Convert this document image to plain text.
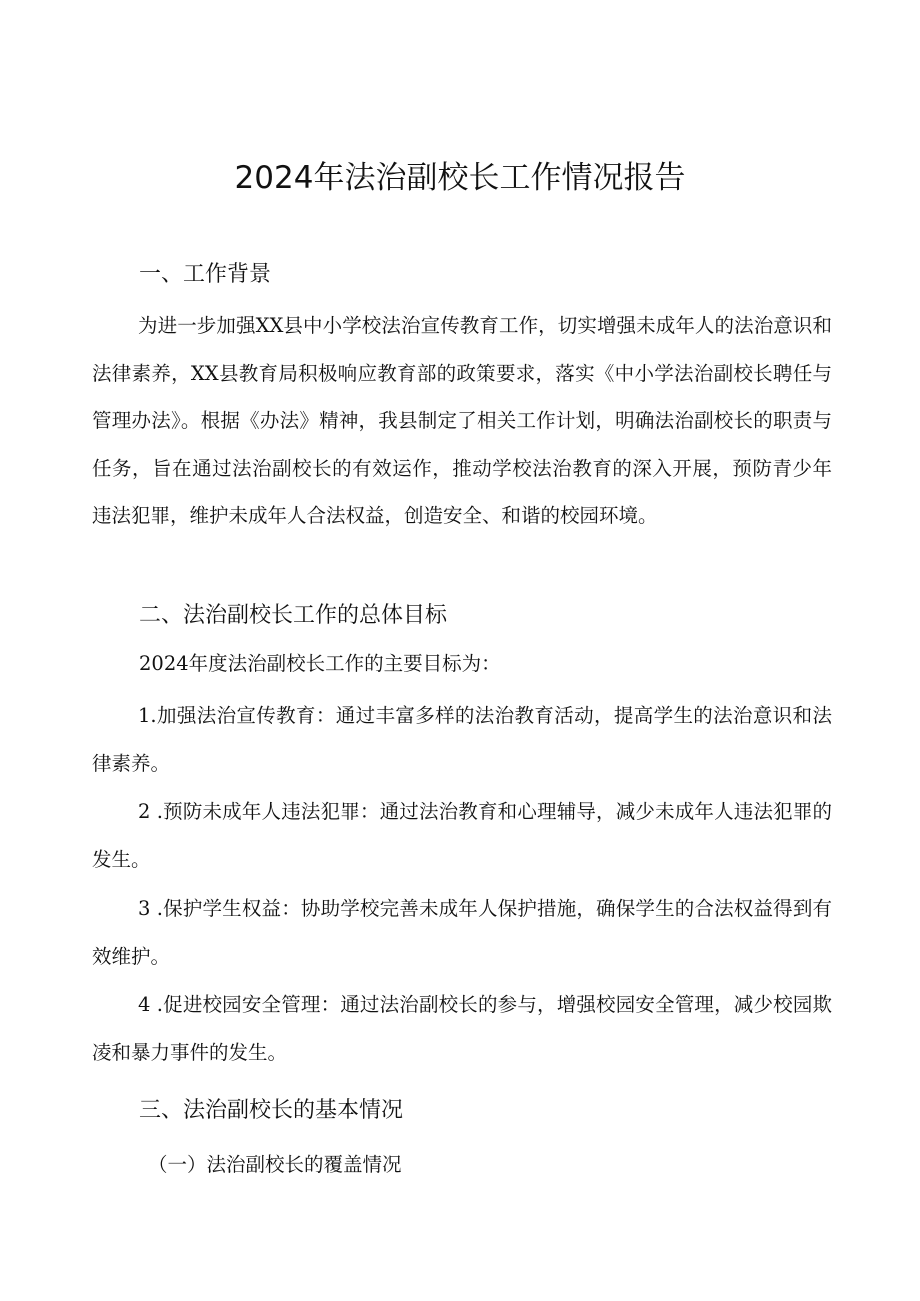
2024年法治副校长工作情况报告
一、工作背景

为进一步加强XX县中小学校法治宣传教育工作，切实增强未成年人的法治意识和法律素养，XX县教育局积极响应教育部的政策要求，落实《中小学法治副校长聘任与管理办法》。根据《办法》精神，我县制定了相关工作计划，明确法治副校长的职责与任务，旨在通过法治副校长的有效运作，推动学校法治教育的深入开展，预防青少年违法犯罪，维护未成年人合法权益，创造安全、和谐的校园环境。

二、法治副校长工作的总体目标
2024年度法治副校长工作的主要目标为：

1.加强法治宣传教育：通过丰富多样的法治教育活动，提高学生的法治意识和法律素养。

2 .预防未成年人违法犯罪：通过法治教育和心理辅导，减少未成年人违法犯罪的发生。

3 .保护学生权益：协助学校完善未成年人保护措施，确保学生的合法权益得到有效维护。

4 .促进校园安全管理：通过法治副校长的参与，增强校园安全管理，减少校园欺凌和暴力事件的发生。

三、法治副校长的基本情况
（一）法治副校长的覆盖情况
